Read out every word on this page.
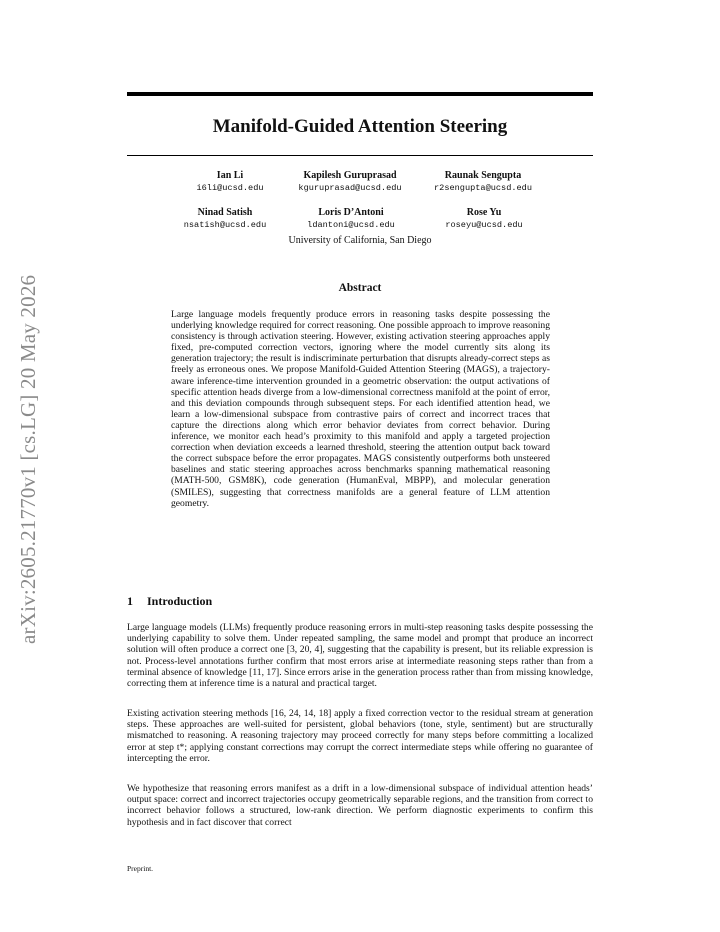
arXiv:2605.21770v1 [cs.LG] 20 May 2026
Manifold-Guided Attention Steering
Ian Li
i6li@ucsd.edu
Kapilesh Guruprasad
kguruprasad@ucsd.edu
Raunak Sengupta
r2sengupta@ucsd.edu
Ninad Satish
nsatish@ucsd.edu
Loris D’Antoni
ldantoni@ucsd.edu
Rose Yu
roseyu@ucsd.edu
University of California, San Diego
Abstract

Large language models frequently produce errors in reasoning tasks despite possessing the underlying knowledge required for correct reasoning. One possible approach to improve reasoning consistency is through activation steering. However, existing activation steering approaches apply fixed, pre-computed correction vectors, ignoring where the model currently sits along its generation trajectory; the result is indiscriminate perturbation that disrupts already-correct steps as freely as erroneous ones. We propose Manifold-Guided Attention Steering (MAGS), a trajectory-aware inference-time intervention grounded in a geometric observation: the output activations of specific attention heads diverge from a low-dimensional correctness manifold at the point of error, and this deviation compounds through subsequent steps. For each identified attention head, we learn a low-dimensional subspace from contrastive pairs of correct and incorrect traces that capture the directions along which error behavior deviates from correct behavior. During inference, we monitor each head’s proximity to this manifold and apply a targeted projection correction when deviation exceeds a learned threshold, steering the attention output back toward the correct subspace before the error propagates. MAGS consistently outperforms both unsteered baselines and static steering approaches across benchmarks spanning mathematical reasoning (MATH-500, GSM8K), code generation (HumanEval, MBPP), and molecular generation (SMILES), suggesting that correctness manifolds are a general feature of LLM attention geometry.

1 Introduction

Large language models (LLMs) frequently produce reasoning errors in multi-step reasoning tasks despite possessing the underlying capability to solve them. Under repeated sampling, the same model and prompt that produce an incorrect solution will often produce a correct one [3, 20, 4], suggesting that the capability is present, but its reliable expression is not. Process-level annotations further confirm that most errors arise at intermediate reasoning steps rather than from a terminal absence of knowledge [11, 17]. Since errors arise in the generation process rather than from missing knowledge, correcting them at inference time is a natural and practical target.

Existing activation steering methods [16, 24, 14, 18] apply a fixed correction vector to the residual stream at generation steps. These approaches are well-suited for persistent, global behaviors (tone, style, sentiment) but are structurally mismatched to reasoning. A reasoning trajectory may proceed correctly for many steps before committing a localized error at step t*; applying constant corrections may corrupt the correct intermediate steps while offering no guarantee of intercepting the error.

We hypothesize that reasoning errors manifest as a drift in a low-dimensional subspace of individual attention heads’ output space: correct and incorrect trajectories occupy geometrically separable regions, and the transition from correct to incorrect behavior follows a structured, low-rank direction. We perform diagnostic experiments to confirm this hypothesis and in fact discover that correct

Preprint.
